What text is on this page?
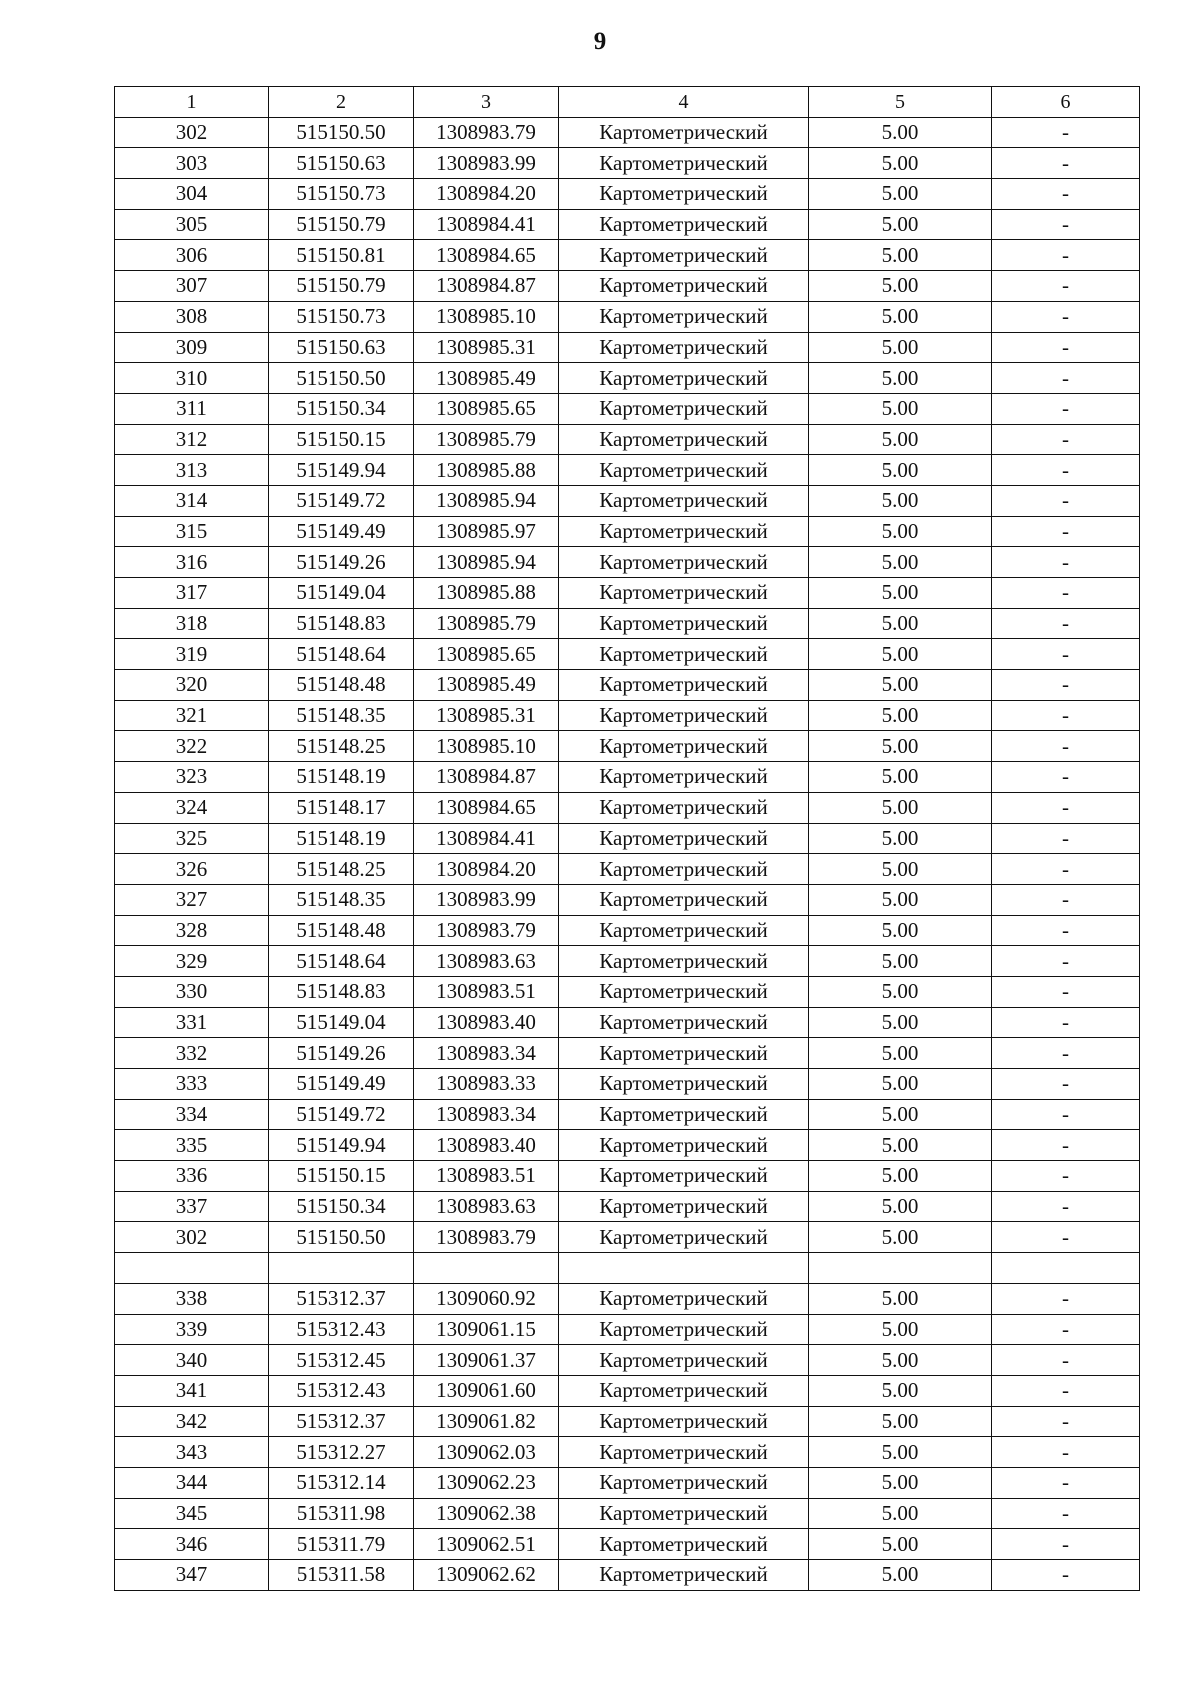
9
1	2	3	4	5	6
302	515150.50	1308983.79	Картометрический	5.00	-
303	515150.63	1308983.99	Картометрический	5.00	-
304	515150.73	1308984.20	Картометрический	5.00	-
305	515150.79	1308984.41	Картометрический	5.00	-
306	515150.81	1308984.65	Картометрический	5.00	-
307	515150.79	1308984.87	Картометрический	5.00	-
308	515150.73	1308985.10	Картометрический	5.00	-
309	515150.63	1308985.31	Картометрический	5.00	-
310	515150.50	1308985.49	Картометрический	5.00	-
311	515150.34	1308985.65	Картометрический	5.00	-
312	515150.15	1308985.79	Картометрический	5.00	-
313	515149.94	1308985.88	Картометрический	5.00	-
314	515149.72	1308985.94	Картометрический	5.00	-
315	515149.49	1308985.97	Картометрический	5.00	-
316	515149.26	1308985.94	Картометрический	5.00	-
317	515149.04	1308985.88	Картометрический	5.00	-
318	515148.83	1308985.79	Картометрический	5.00	-
319	515148.64	1308985.65	Картометрический	5.00	-
320	515148.48	1308985.49	Картометрический	5.00	-
321	515148.35	1308985.31	Картометрический	5.00	-
322	515148.25	1308985.10	Картометрический	5.00	-
323	515148.19	1308984.87	Картометрический	5.00	-
324	515148.17	1308984.65	Картометрический	5.00	-
325	515148.19	1308984.41	Картометрический	5.00	-
326	515148.25	1308984.20	Картометрический	5.00	-
327	515148.35	1308983.99	Картометрический	5.00	-
328	515148.48	1308983.79	Картометрический	5.00	-
329	515148.64	1308983.63	Картометрический	5.00	-
330	515148.83	1308983.51	Картометрический	5.00	-
331	515149.04	1308983.40	Картометрический	5.00	-
332	515149.26	1308983.34	Картометрический	5.00	-
333	515149.49	1308983.33	Картометрический	5.00	-
334	515149.72	1308983.34	Картометрический	5.00	-
335	515149.94	1308983.40	Картометрический	5.00	-
336	515150.15	1308983.51	Картометрический	5.00	-
337	515150.34	1308983.63	Картометрический	5.00	-
302	515150.50	1308983.79	Картометрический	5.00	-

338	515312.37	1309060.92	Картометрический	5.00	-
339	515312.43	1309061.15	Картометрический	5.00	-
340	515312.45	1309061.37	Картометрический	5.00	-
341	515312.43	1309061.60	Картометрический	5.00	-
342	515312.37	1309061.82	Картометрический	5.00	-
343	515312.27	1309062.03	Картометрический	5.00	-
344	515312.14	1309062.23	Картометрический	5.00	-
345	515311.98	1309062.38	Картометрический	5.00	-
346	515311.79	1309062.51	Картометрический	5.00	-
347	515311.58	1309062.62	Картометрический	5.00	-
